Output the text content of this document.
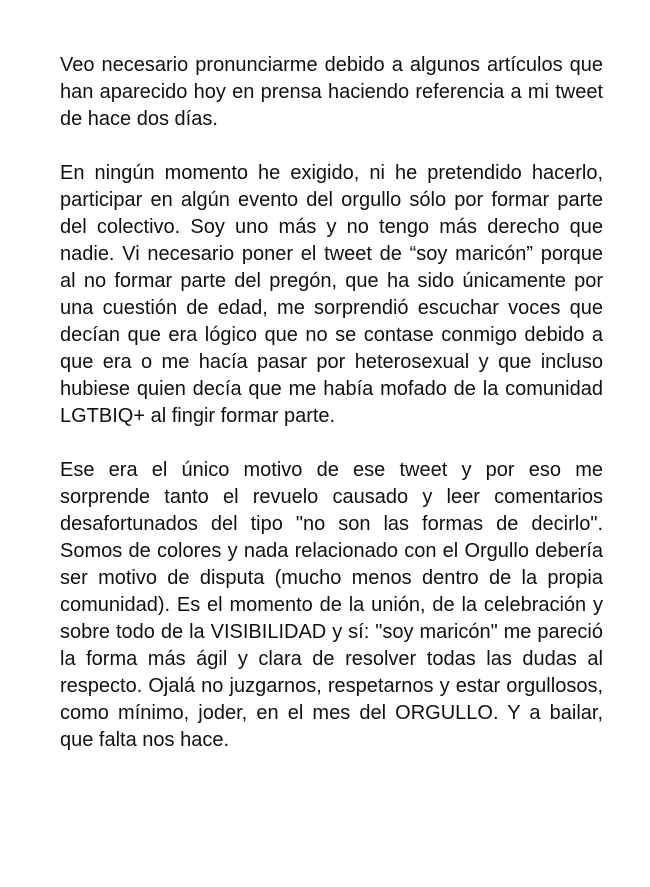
Veo necesario pronunciarme debido a algunos artículos que han aparecido hoy en prensa haciendo referencia a mi tweet de hace dos días.

En ningún momento he exigido, ni he pretendido hacerlo, participar en algún evento del orgullo sólo por formar parte del colectivo. Soy uno más y no tengo más derecho que nadie. Vi necesario poner el tweet de “soy maricón” porque al no formar parte del pregón, que ha sido únicamente por una cuestión de edad, me sorprendió escuchar voces que decían que era lógico que no se contase conmigo debido a que era o me hacía pasar por heterosexual y que incluso hubiese quien decía que me había mofado de la comunidad LGTBIQ+ al fingir formar parte.

Ese era el único motivo de ese tweet y por eso me sorprende tanto el revuelo causado y leer comentarios desafortunados del tipo "no son las formas de decirlo". Somos de colores y nada relacionado con el Orgullo debería ser motivo de disputa (mucho menos dentro de la propia comunidad). Es el momento de la unión, de la celebración y sobre todo de la VISIBILIDAD y sí: "soy maricón" me pareció la forma más ágil y clara de resolver todas las dudas al respecto. Ojalá no juzgarnos, respetarnos y estar orgullosos, como mínimo, joder, en el mes del ORGULLO. Y a bailar, que falta nos hace.
